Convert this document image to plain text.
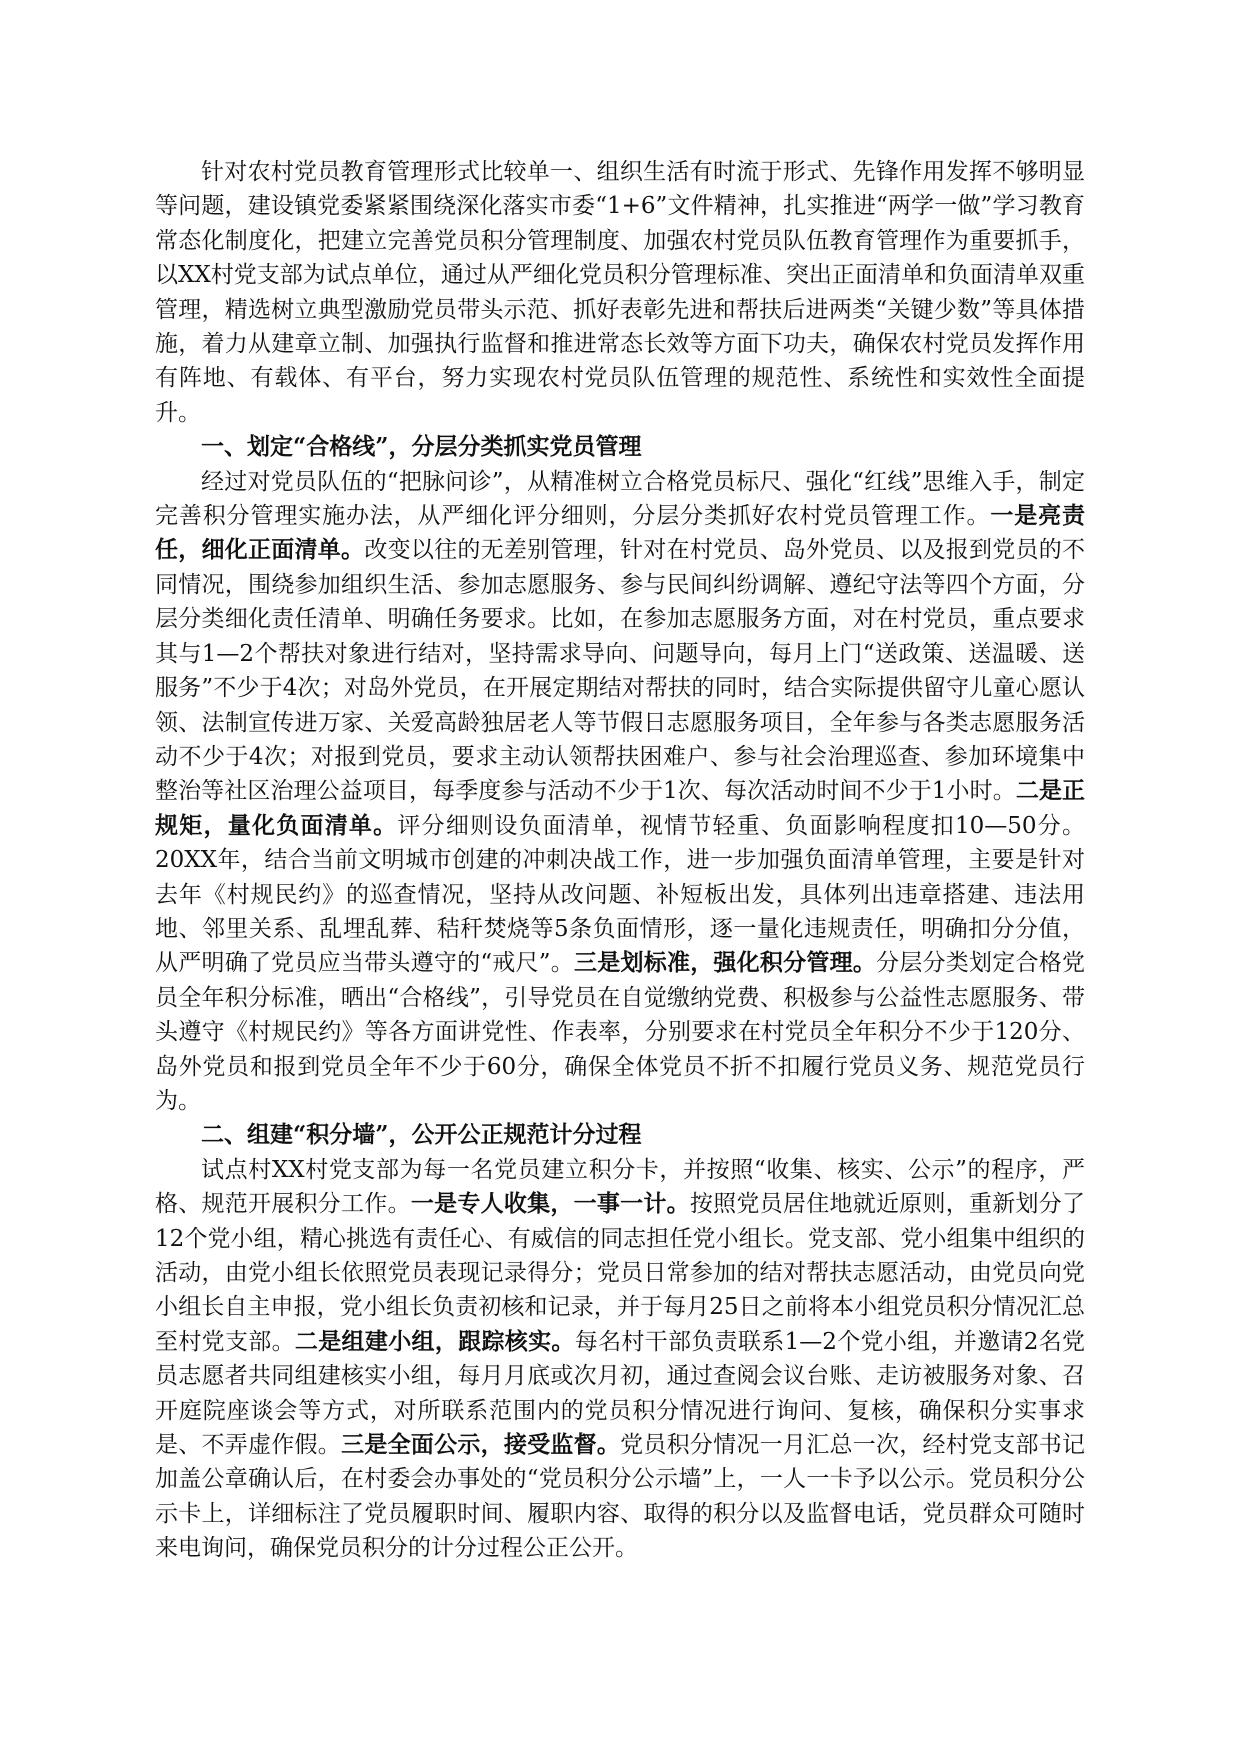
针对农村党员教育管理形式比较单一、组织生活有时流于形式、先锋作用发挥不够明显等问题，建设镇党委紧紧围绕深化落实市委“1+6”文件精神，扎实推进“两学一做”学习教育常态化制度化，把建立完善党员积分管理制度、加强农村党员队伍教育管理作为重要抓手，以XX村党支部为试点单位，通过从严细化党员积分管理标准、突出正面清单和负面清单双重管理，精选树立典型激励党员带头示范、抓好表彰先进和帮扶后进两类“关键少数”等具体措施，着力从建章立制、加强执行监督和推进常态长效等方面下功夫，确保农村党员发挥作用有阵地、有载体、有平台，努力实现农村党员队伍管理的规范性、系统性和实效性全面提升。

一、划定“合格线”，分层分类抓实党员管理

经过对党员队伍的“把脉问诊”，从精准树立合格党员标尺、强化“红线”思维入手，制定完善积分管理实施办法，从严细化评分细则，分层分类抓好农村党员管理工作。一是亮责任，细化正面清单。改变以往的无差别管理，针对在村党员、岛外党员、以及报到党员的不同情况，围绕参加组织生活、参加志愿服务、参与民间纠纷调解、遵纪守法等四个方面，分层分类细化责任清单、明确任务要求。比如，在参加志愿服务方面，对在村党员，重点要求其与1—2个帮扶对象进行结对，坚持需求导向、问题导向，每月上门“送政策、送温暖、送服务”不少于4次；对岛外党员，在开展定期结对帮扶的同时，结合实际提供留守儿童心愿认领、法制宣传进万家、关爱高龄独居老人等节假日志愿服务项目，全年参与各类志愿服务活动不少于4次；对报到党员，要求主动认领帮扶困难户、参与社会治理巡查、参加环境集中整治等社区治理公益项目，每季度参与活动不少于1次、每次活动时间不少于1小时。二是正规矩，量化负面清单。评分细则设负面清单，视情节轻重、负面影响程度扣10—50分。20XX年，结合当前文明城市创建的冲刺决战工作，进一步加强负面清单管理，主要是针对去年《村规民约》的巡查情况，坚持从改问题、补短板出发，具体列出违章搭建、违法用地、邻里关系、乱埋乱葬、秸秆焚烧等5条负面情形，逐一量化违规责任，明确扣分分值，从严明确了党员应当带头遵守的“戒尺”。三是划标准，强化积分管理。分层分类划定合格党员全年积分标准，晒出“合格线”，引导党员在自觉缴纳党费、积极参与公益性志愿服务、带头遵守《村规民约》等各方面讲党性、作表率，分别要求在村党员全年积分不少于120分、岛外党员和报到党员全年不少于60分，确保全体党员不折不扣履行党员义务、规范党员行为。

二、组建“积分墙”，公开公正规范计分过程

试点村XX村党支部为每一名党员建立积分卡，并按照“收集、核实、公示”的程序，严格、规范开展积分工作。一是专人收集，一事一计。按照党员居住地就近原则，重新划分了12个党小组，精心挑选有责任心、有威信的同志担任党小组长。党支部、党小组集中组织的活动，由党小组长依照党员表现记录得分；党员日常参加的结对帮扶志愿活动，由党员向党小组长自主申报，党小组长负责初核和记录，并于每月25日之前将本小组党员积分情况汇总至村党支部。二是组建小组，跟踪核实。每名村干部负责联系1—2个党小组，并邀请2名党员志愿者共同组建核实小组，每月月底或次月初，通过查阅会议台账、走访被服务对象、召开庭院座谈会等方式，对所联系范围内的党员积分情况进行询问、复核，确保积分实事求是、不弄虚作假。三是全面公示，接受监督。党员积分情况一月汇总一次，经村党支部书记加盖公章确认后，在村委会办事处的“党员积分公示墙”上，一人一卡予以公示。党员积分公示卡上，详细标注了党员履职时间、履职内容、取得的积分以及监督电话，党员群众可随时来电询问，确保党员积分的计分过程公正公开。
